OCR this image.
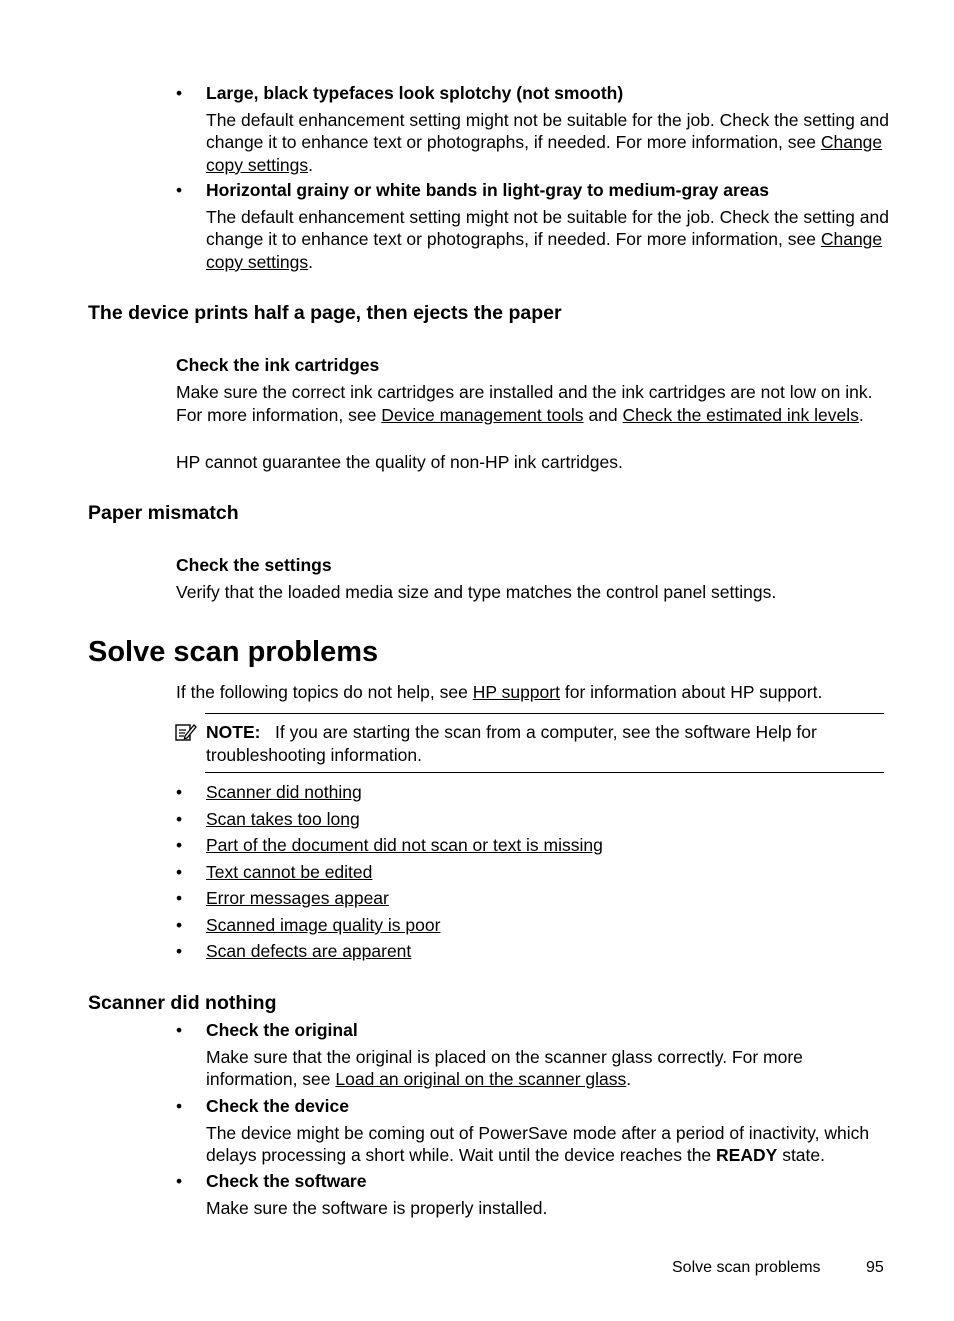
• Large, black typefaces look splotchy (not smooth)
The default enhancement setting might not be suitable for the job. Check the setting and change it to enhance text or photographs, if needed. For more information, see Change copy settings.
• Horizontal grainy or white bands in light-gray to medium-gray areas
The default enhancement setting might not be suitable for the job. Check the setting and change it to enhance text or photographs, if needed. For more information, see Change copy settings.
The device prints half a page, then ejects the paper
Check the ink cartridges
Make sure the correct ink cartridges are installed and the ink cartridges are not low on ink. For more information, see Device management tools and Check the estimated ink levels.
HP cannot guarantee the quality of non-HP ink cartridges.
Paper mismatch
Check the settings
Verify that the loaded media size and type matches the control panel settings.
Solve scan problems
If the following topics do not help, see HP support for information about HP support.
NOTE: If you are starting the scan from a computer, see the software Help for troubleshooting information.
• Scanner did nothing
• Scan takes too long
• Part of the document did not scan or text is missing
• Text cannot be edited
• Error messages appear
• Scanned image quality is poor
• Scan defects are apparent
Scanner did nothing
• Check the original
Make sure that the original is placed on the scanner glass correctly. For more information, see Load an original on the scanner glass.
• Check the device
The device might be coming out of PowerSave mode after a period of inactivity, which delays processing a short while. Wait until the device reaches the READY state.
• Check the software
Make sure the software is properly installed.
Solve scan problems	95
